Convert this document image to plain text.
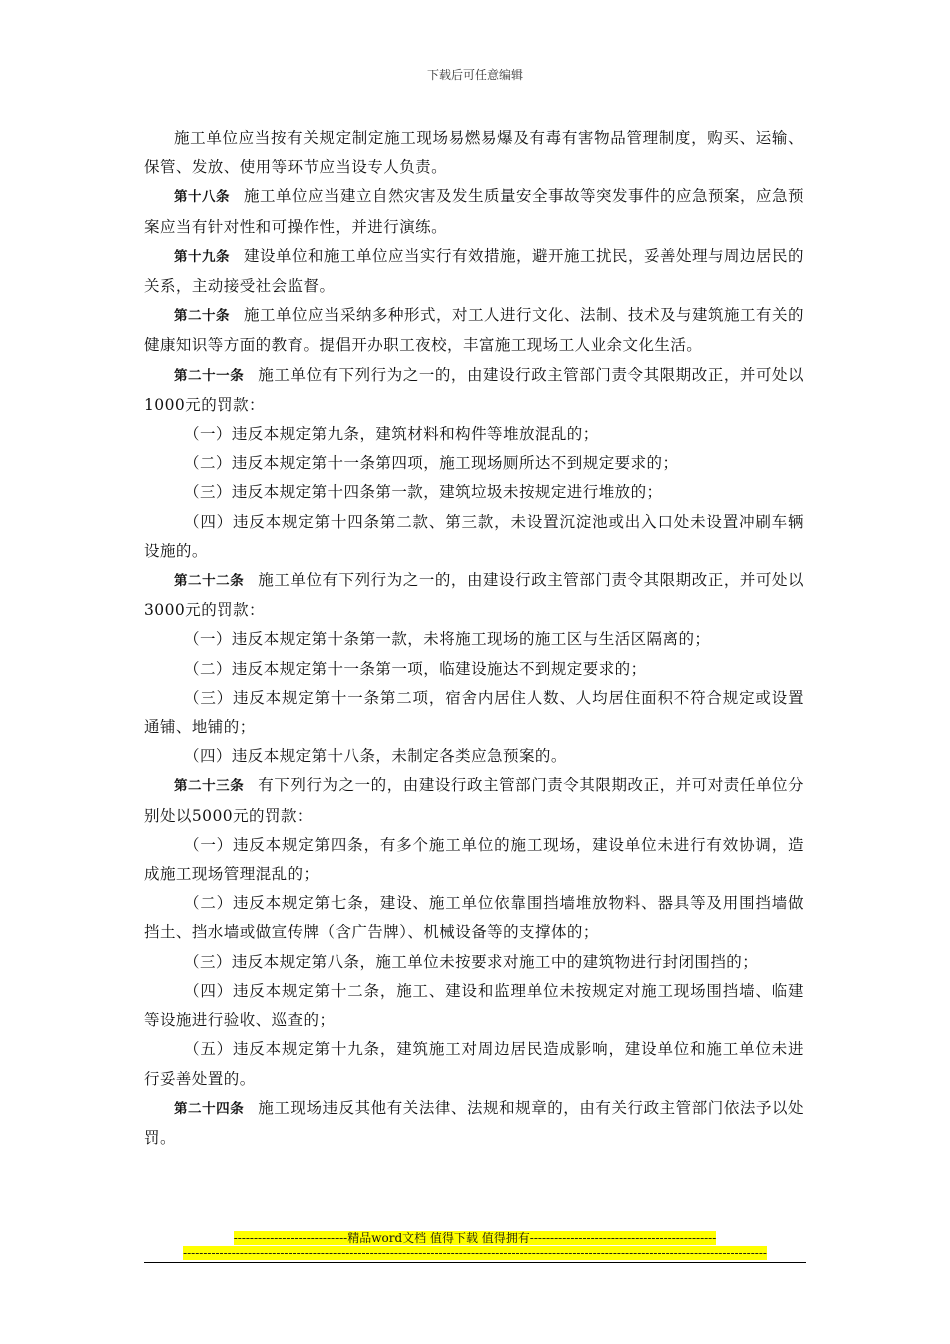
下载后可任意编辑

施工单位应当按有关规定制定施工现场易燃易爆及有毒有害物品管理制度，购买、运输、保管、发放、使用等环节应当设专人负责。

第十八条 施工单位应当建立自然灾害及发生质量安全事故等突发事件的应急预案，应急预案应当有针对性和可操作性，并进行演练。

第十九条 建设单位和施工单位应当实行有效措施，避开施工扰民，妥善处理与周边居民的关系，主动接受社会监督。

第二十条 施工单位应当采纳多种形式，对工人进行文化、法制、技术及与建筑施工有关的健康知识等方面的教育。提倡开办职工夜校，丰富施工现场工人业余文化生活。

第二十一条 施工单位有下列行为之一的，由建设行政主管部门责令其限期改正，并可处以1000元的罚款：

（一）违反本规定第九条，建筑材料和构件等堆放混乱的；

（二）违反本规定第十一条第四项，施工现场厕所达不到规定要求的；

（三）违反本规定第十四条第一款，建筑垃圾未按规定进行堆放的；

（四）违反本规定第十四条第二款、第三款，未设置沉淀池或出入口处未设置冲刷车辆设施的。

第二十二条 施工单位有下列行为之一的，由建设行政主管部门责令其限期改正，并可处以3000元的罚款：

（一）违反本规定第十条第一款，未将施工现场的施工区与生活区隔离的；

（二）违反本规定第十一条第一项，临建设施达不到规定要求的；

（三）违反本规定第十一条第二项，宿舍内居住人数、人均居住面积不符合规定或设置通铺、地铺的；

（四）违反本规定第十八条，未制定各类应急预案的。

第二十三条 有下列行为之一的，由建设行政主管部门责令其限期改正，并可对责任单位分别处以5000元的罚款：

（一）违反本规定第四条，有多个施工单位的施工现场，建设单位未进行有效协调，造成施工现场管理混乱的；

（二）违反本规定第七条，建设、施工单位依靠围挡墙堆放物料、器具等及用围挡墙做挡土、挡水墙或做宣传牌（含广告牌）、机械设备等的支撑体的；

（三）违反本规定第八条，施工单位未按要求对施工中的建筑物进行封闭围挡的；

（四）违反本规定第十二条，施工、建设和监理单位未按规定对施工现场围挡墙、临建等设施进行验收、巡查的；

（五）违反本规定第十九条，建筑施工对周边居民造成影响，建设单位和施工单位未进行妥善处置的。

第二十四条 施工现场违反其他有关法律、法规和规章的，由有关行政主管部门依法予以处罚。

----------------------------精品word文档 值得下载 值得拥有----------------------------------------------
------------------------------------------------------------------------------------------------------------------------------------------------
